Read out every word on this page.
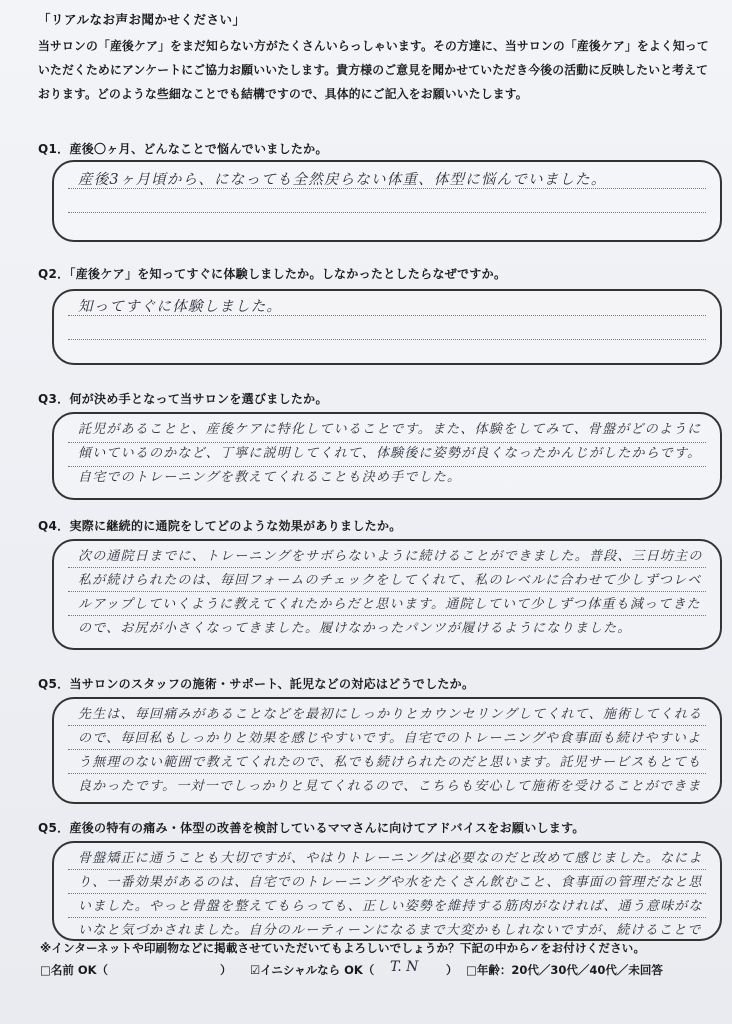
「リアルなお声お聞かせください」
当サロンの「産後ケア」をまだ知らない方がたくさんいらっしゃいます。その方達に、当サロンの「産後ケア」をよく知っていただくためにアンケートにご協力お願いいたします。貴方様のご意見を聞かせていただき今後の活動に反映したいと考えております。どのような些細なことでも結構ですので、具体的にご記入をお願いいたします。
Q1．産後〇ヶ月、どんなことで悩んでいましたか。
産後3ヶ月頃から、になっても全然戻らない体重、体型に悩んでいました。
Q2．「産後ケア」を知ってすぐに体験しましたか。しなかったとしたらなぜですか。
知ってすぐに体験しました。
Q3．何が決め手となって当サロンを選びましたか。
託児があることと、産後ケアに特化していることです。また、体験をしてみて、骨盤がどのように傾いているのかなど、丁寧に説明してくれて、体験後に姿勢が良くなったかんじがしたからです。自宅でのトレーニングを教えてくれることも決め手でした。
Q4．実際に継続的に通院をしてどのような効果がありましたか。
次の通院日までに、トレーニングをサボらないように続けることができました。普段、三日坊主の私が続けられたのは、毎回フォームのチェックをしてくれて、私のレベルに合わせて少しずつレベルアップしていくように教えてくれたからだと思います。通院していて少しずつ体重も減ってきたので、お尻が小さくなってきました。履けなかったパンツが履けるようになりました。
Q5．当サロンのスタッフの施術・サポート、託児などの対応はどうでしたか。
先生は、毎回痛みがあることなどを最初にしっかりとカウンセリングしてくれて、施術してくれるので、毎回私もしっかりと効果を感じやすいです。自宅でのトレーニングや食事面も続けやすいよう無理のない範囲で教えてくれたので、私でも続けられたのだと思います。託児サービスもとても良かったです。一対一でしっかりと見てくれるので、こちらも安心して施術を受けることができま
Q5．産後の特有の痛み・体型の改善を検討しているママさんに向けてアドバイスをお願いします。
骨盤矯正に通うことも大切ですが、やはりトレーニングは必要なのだと改めて感じました。なにより、一番効果があるのは、自宅でのトレーニングや水をたくさん飲むこと、食事面の管理だなと思いました。やっと骨盤を整えてもらっても、正しい姿勢を維持する筋肉がなければ、通う意味がないなと気づかされました。自分のルーティーンになるまで大変かもしれないですが、続けることで
※インターネットや印刷物などに掲載させていただいてもよろしいでしょうか？下記の中から✓をお付けください。
□名前 OK（	） ☑イニシャルなら OK（ T. N ） □年齢：20代／30代／40代／未回答
